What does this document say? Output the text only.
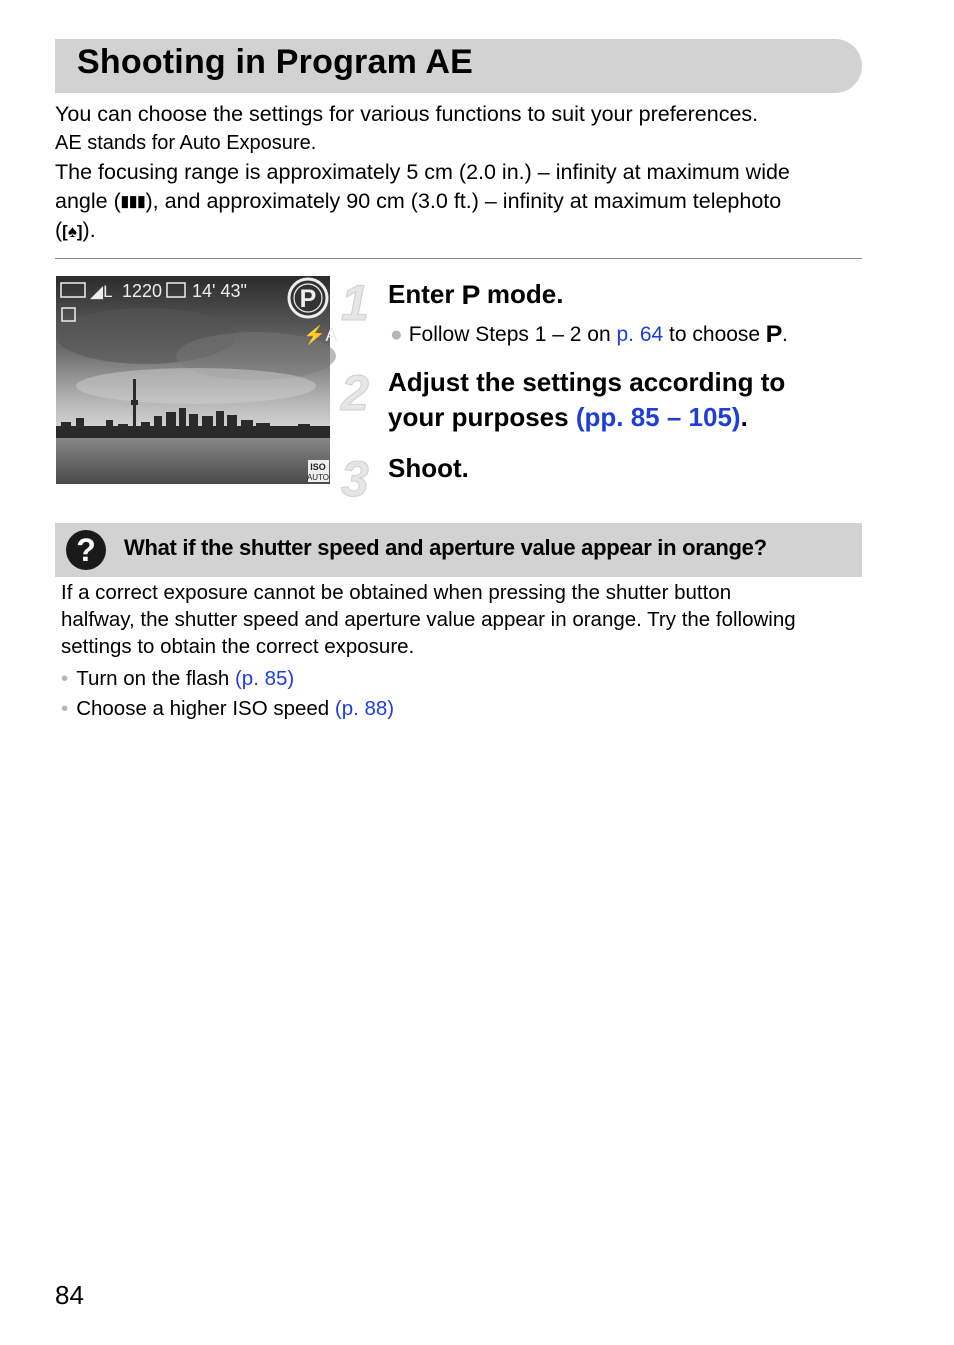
Shooting in Program AE
You can choose the settings for various functions to suit your preferences.
AE stands for Auto Exposure.
The focusing range is approximately 5 cm (2.0 in.) – infinity at maximum wide
angle (▮▮▮), and approximately 90 cm (3.0 ft.) – infinity at maximum telephoto
([♠]).
1220
◢L	14' 43" P
⚡A
ISO
AUTO
1 Enter P mode.
● Follow Steps 1 – 2 on p. 64 to choose P.
2 Adjust the settings according to
your purposes (pp. 85 – 105).
3 Shoot.
?	What if the shutter speed and aperture value appear in orange?
If a correct exposure cannot be obtained when pressing the shutter button
halfway, the shutter speed and aperture value appear in orange. Try the following
settings to obtain the correct exposure.
• Turn on the flash (p. 85)
• Choose a higher ISO speed (p. 88)
84
